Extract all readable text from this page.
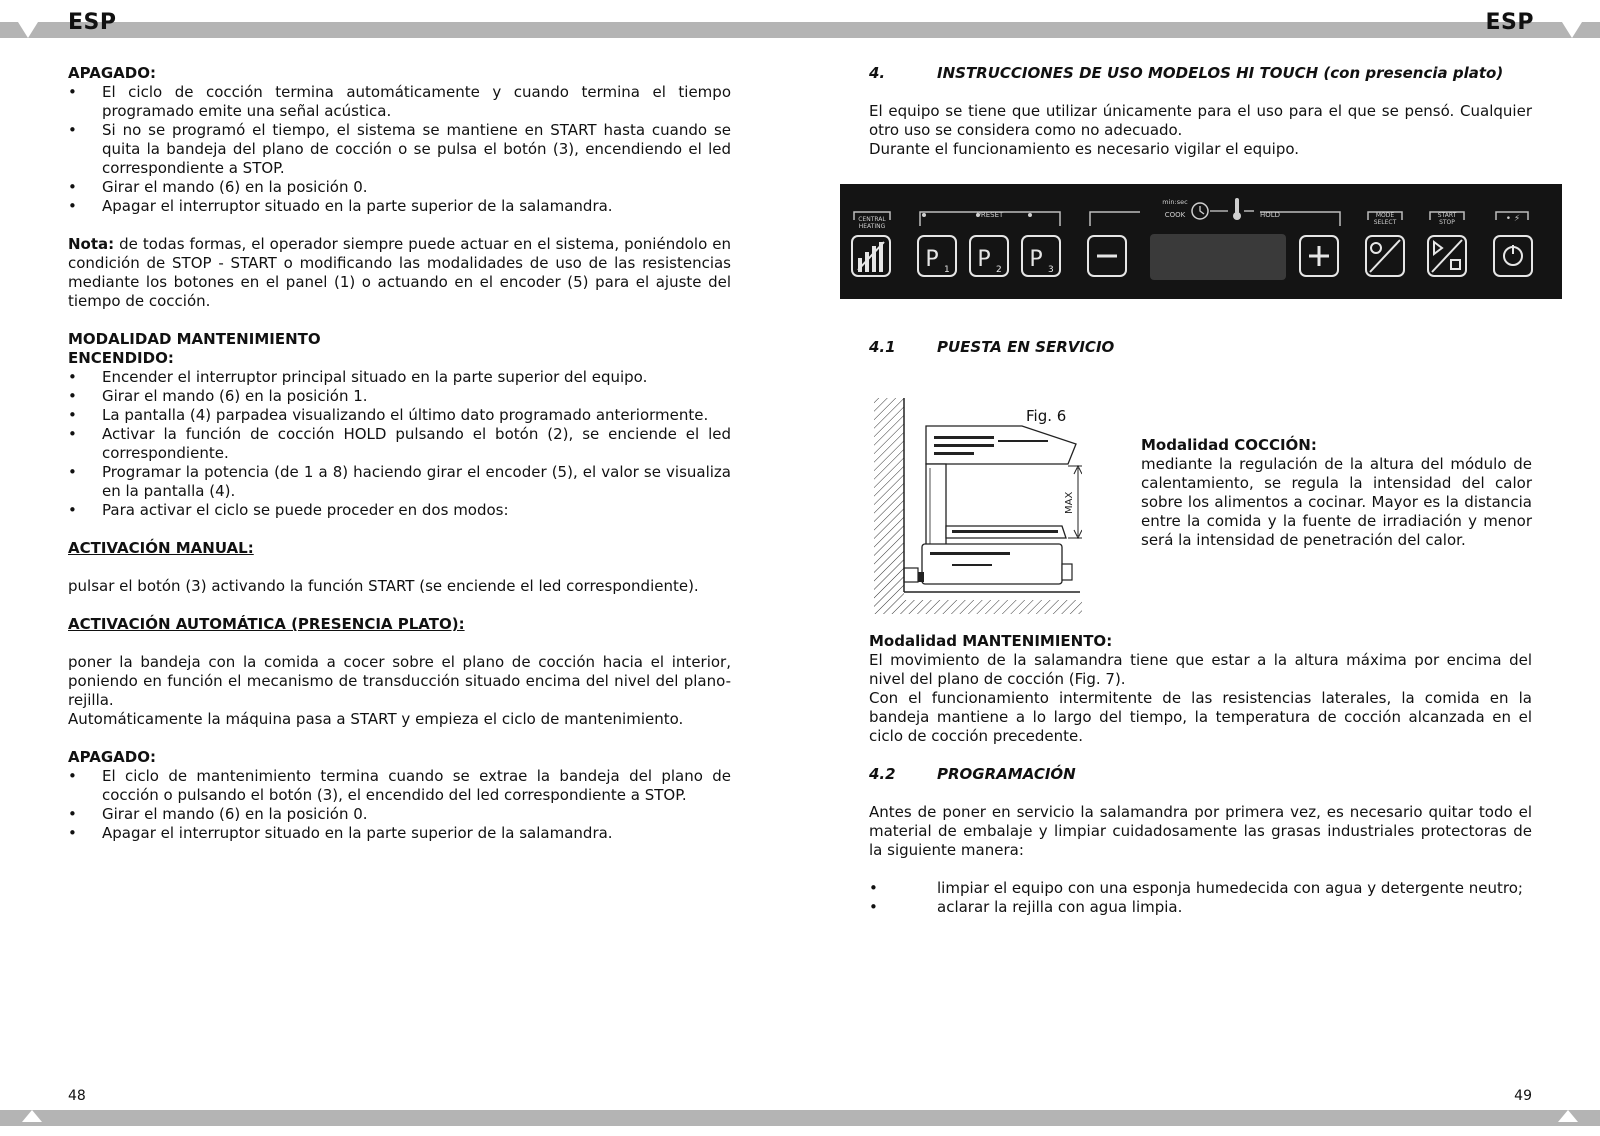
ESP	ESP
48	49

APAGADO:

• El ciclo de cocción termina automáticamente y cuando termina el tiempo programado emite una señal acústica.
• Si no se programó el tiempo, el sistema se mantiene en START hasta cuando se quita la bandeja del plano de cocción o se pulsa el botón (3), encendiendo el led correspondiente a STOP.
• Girar el mando (6) en la posición 0.
• Apagar el interruptor situado en la parte superior de la salamandra.

Nota: de todas formas, el operador siempre puede actuar en el sistema, poniéndolo en condición de STOP - START o modificando las modalidades de uso de las resistencias mediante los botones en el panel (1) o actuando en el encoder (5) para el ajuste del tiempo de cocción.

MODALIDAD MANTENIMIENTO

ENCENDIDO:

• Encender el interruptor principal situado en la parte superior del equipo.
• Girar el mando (6) en la posición 1.
• La pantalla (4) parpadea visualizando el último dato programado anteriormente.
• Activar la función de cocción HOLD pulsando el botón (2), se enciende el led correspondiente.
• Programar la potencia (de 1 a 8) haciendo girar el encoder (5), el valor se visualiza en la pantalla (4).
• Para activar el ciclo se puede proceder en dos modos:

ACTIVACIÓN MANUAL:

pulsar el botón (3) activando la función START (se enciende el led correspondiente).

ACTIVACIÓN AUTOMÁTICA (PRESENCIA PLATO):

poner la bandeja con la comida a cocer sobre el plano de cocción hacia el interior, poniendo en función el mecanismo de transducción situado encima del nivel del plano-rejilla.

Automáticamente la máquina pasa a START y empieza el ciclo de mantenimiento.

APAGADO:

• El ciclo de mantenimiento termina cuando se extrae la bandeja del plano de cocción o pulsando el botón (3), el encendido del led correspondiente a STOP.
• Girar el mando (6) en la posición 0.
• Apagar el interruptor situado en la parte superior de la salamandra.

4.	INSTRUCCIONES DE USO MODELOS HI TOUCH (con presencia plato)

El equipo se tiene que utilizar únicamente para el uso para el que se pensó. Cualquier otro uso se considera como no adecuado.

Durante el funcionamiento es necesario vigilar el equipo.

CENTRAL
HEATING
PRESET
min:sec
COOK	HOLD	MODE
SELECT
START
STOP	• ⚡
P 1 P 2 P 3

4.1	PUESTA EN SERVICIO

Fig. 6
MAX

Modalidad COCCIÓN:

mediante la regulación de la altura del módulo de calentamiento, se regula la intensidad del calor sobre los alimentos a cocinar. Mayor es la distancia entre la comida y la fuente de irradiación y menor será la intensidad de penetración del calor.

Modalidad MANTENIMIENTO:

El movimiento de la salamandra tiene que estar a la altura máxima por encima del nivel del plano de cocción (Fig. 7).

Con el funcionamiento intermitente de las resistencias laterales, la comida en la bandeja mantiene a lo largo del tiempo, la temperatura de cocción alcanzada en el ciclo de cocción precedente.

4.2	PROGRAMACIÓN

Antes de poner en servicio la salamandra por primera vez, es necesario quitar todo el material de embalaje y limpiar cuidadosamente las grasas industriales protectoras de la siguiente manera:

• limpiar el equipo con una esponja humedecida con agua y detergente neutro;
• aclarar la rejilla con agua limpia.
